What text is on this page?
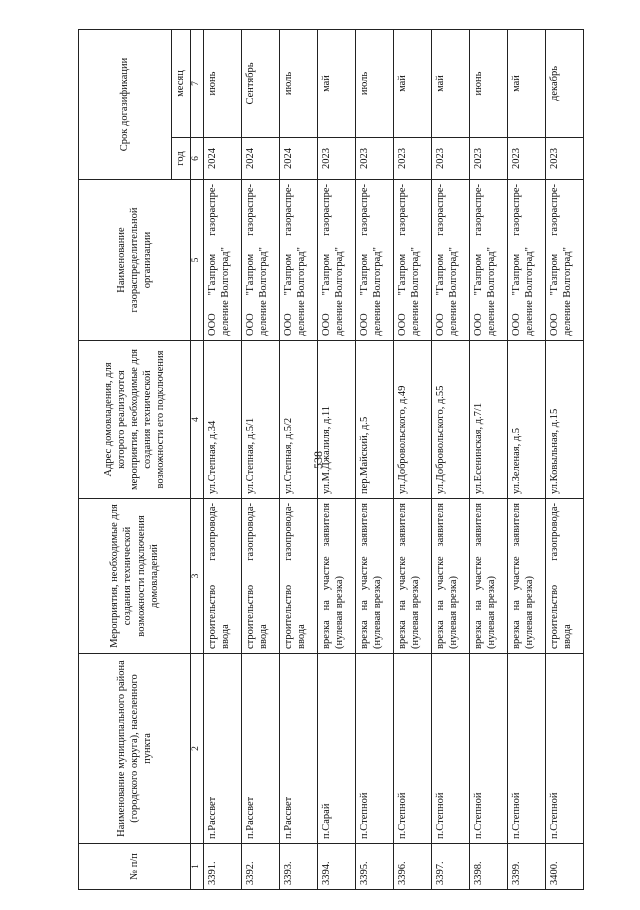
538
№ п/п	Наименование муниципального района (городского округа), населенного пункта	Мероприятия, необходимые для создания технической возможности подключения домовладений	Адрес домовладения, для которого реализуются мероприятия, необходимые для создания технической возможности его подключения	Наименование газораспределительной организации	Срок догазификации	
					год	месяц
1	2	3	4	5	6	7
3391.	п.Рассвет	строительство газопровода-ввода	ул.Степная, д.34	ООО "Газпром газораспре-деление Волгоград"	2024	июнь
3392.	п.Рассвет	строительство газопровода-ввода	ул.Степная, д.5/1	ООО "Газпром газораспре-деление Волгоград"	2024	Сентябрь
3393.	п.Рассвет	строительство газопровода-ввода	ул.Степная, д.5/2	ООО "Газпром газораспре-деление Волгоград"	2024	июль
3394.	п.Сарай	врезка на участке заявителя (нулевая врезка)	ул.М.Джалиля, д.11	ООО "Газпром газораспре-деление Волгоград"	2023	май
3395.	п.Степной	врезка на участке заявителя (нулевая врезка)	пер.Майский, д.5	ООО "Газпром газораспре-деление Волгоград"	2023	июль
3396.	п.Степной	врезка на участке заявителя (нулевая врезка)	ул.Добровольского, д.49	ООО "Газпром газораспре-деление Волгоград"	2023	май
3397.	п.Степной	врезка на участке заявителя (нулевая врезка)	ул.Добровольского, д.55	ООО "Газпром газораспре-деление Волгоград"	2023	май
3398.	п.Степной	врезка на участке заявителя (нулевая врезка)	ул.Есенинская, д.7/1	ООО "Газпром газораспре-деление Волгоград"	2023	июнь
3399.	п.Степной	врезка на участке заявителя (нулевая врезка)	ул.Зеленая, д.5	ООО "Газпром газораспре-деление Волгоград"	2023	май
3400.	п.Степной	строительство газопровода-ввода	ул.Ковыльная, д.15	ООО "Газпром газораспре-деление Волгоград"	2023	декабрь
